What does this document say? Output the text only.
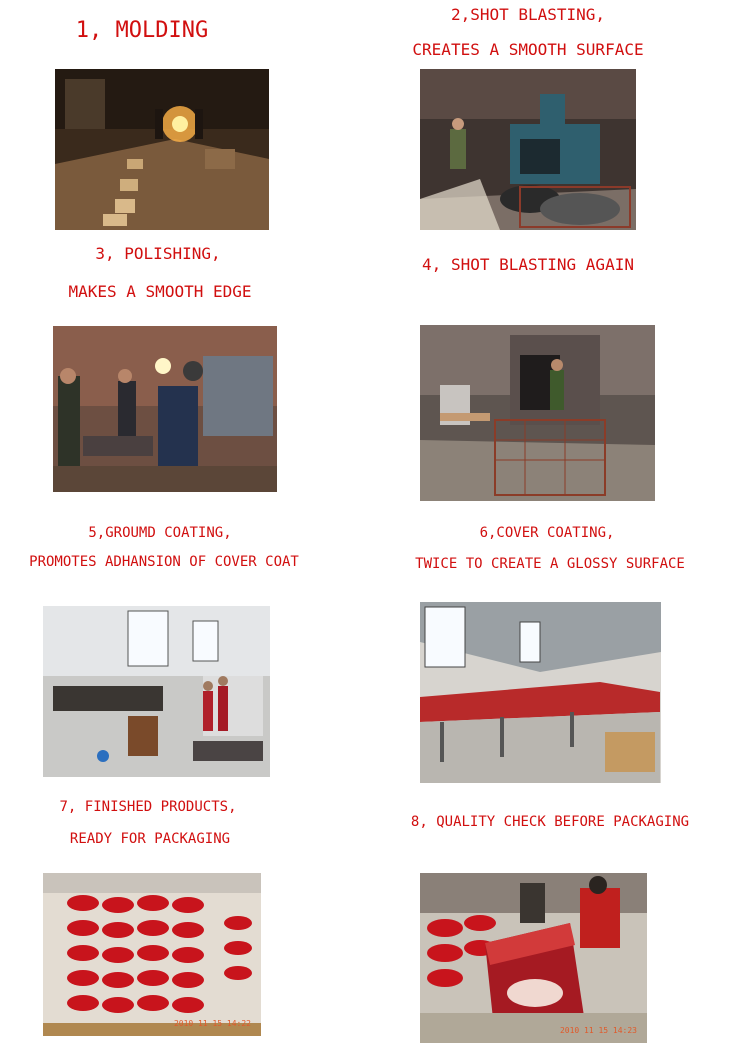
1, MOLDING
2,SHOT BLASTING,
CREATES A SMOOTH SURFACE
3, POLISHING,
MAKES A SMOOTH EDGE
4, SHOT BLASTING AGAIN
5,GROUMD COATING,
PROMOTES ADHANSION OF COVER COAT
6,COVER COATING,
TWICE TO CREATE A GLOSSY SURFACE
7, FINISHED PRODUCTS,
READY FOR PACKAGING
8, QUALITY CHECK BEFORE PACKAGING
2010 11 15 14:22
2010 11 15 14:23
